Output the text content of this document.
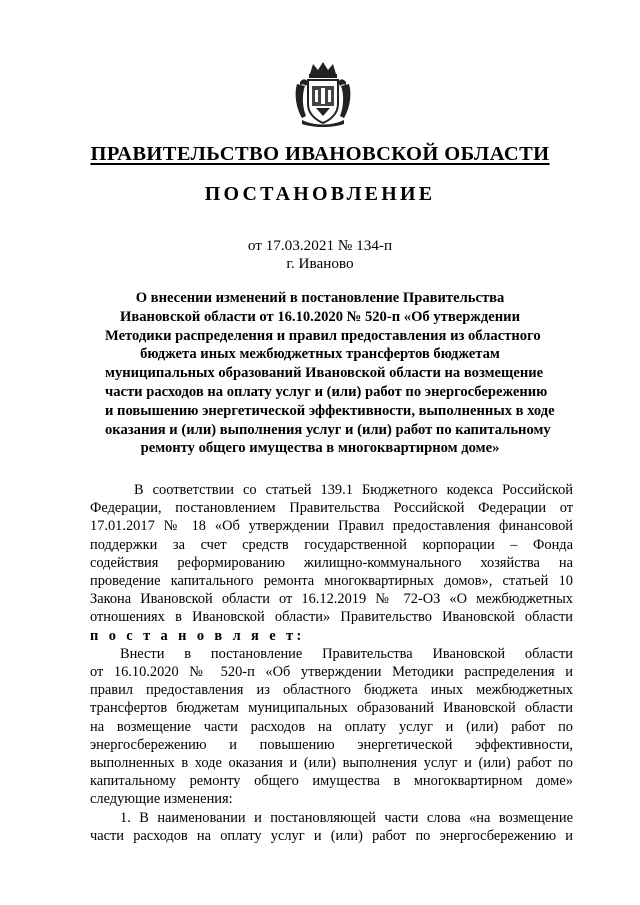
ПРАВИТЕЛЬСТВО ИВАНОВСКОЙ ОБЛАСТИ
ПОСТАНОВЛЕНИЕ
от 17.03.2021 № 134-п
г. Иваново
О внесении изменений в постановление Правительства
Ивановской области от 16.10.2020 № 520-п «Об утверждении
Методики распределения и правил предоставления из областного
бюджета иных межбюджетных трансфертов бюджетам
муниципальных образований Ивановской области на возмещение
части расходов на оплату услуг и (или) работ по энергосбережению
и повышению энергетической эффективности, выполненных в ходе
оказания и (или) выполнения услуг и (или) работ по капитальному
ремонту общего имущества в многоквартирном доме»
В соответствии со статьей 139.1 Бюджетного кодекса Российской
Федерации, постановлением Правительства Российской Федерации от
17.01.2017 № 18 «Об утверждении Правил предоставления финансовой
поддержки за счет средств государственной корпорации – Фонда
содействия реформированию жилищно-коммунального хозяйства на
проведение капитального ремонта многоквартирных домов», статьей 10
Закона Ивановской области от 16.12.2019 № 72-ОЗ «О межбюджетных
отношениях в Ивановской области» Правительство Ивановской области
п о с т а н о в л я е т:
Внести в постановление Правительства Ивановской области
от 16.10.2020 № 520-п «Об утверждении Методики распределения и
правил предоставления из областного бюджета иных межбюджетных
трансфертов бюджетам муниципальных образований Ивановской области
на возмещение части расходов на оплату услуг и (или) работ по
энергосбережению и повышению энергетической эффективности,
выполненных в ходе оказания и (или) выполнения услуг и (или) работ по
капитальному ремонту общего имущества в многоквартирном доме»
следующие изменения:
1. В наименовании и постановляющей части слова «на возмещение
части расходов на оплату услуг и (или) работ по энергосбережению и
